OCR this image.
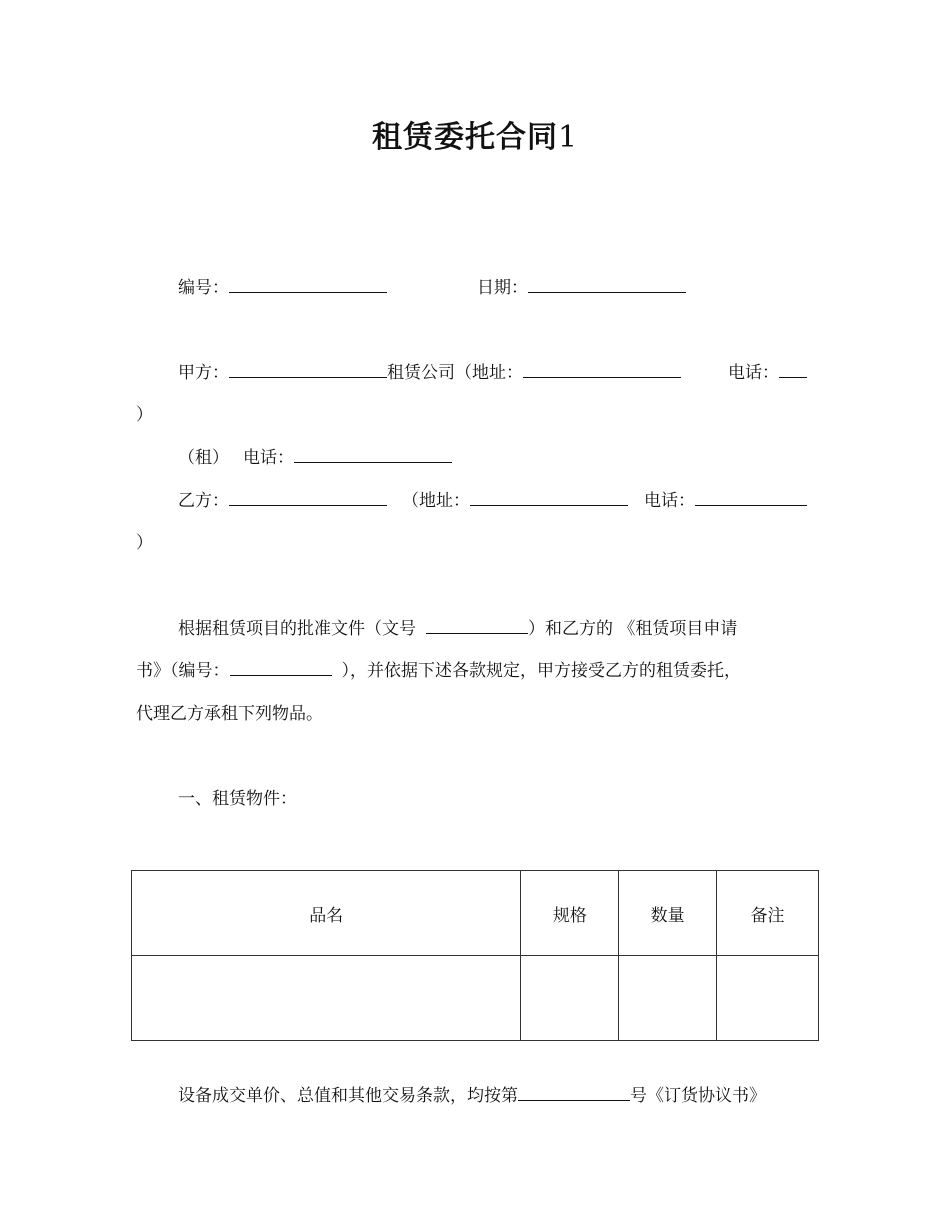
租赁委托合同1
编号：	日期：
甲方：	租赁公司（地址：	电话：
）
（租） 电话：
乙方：	（地址：	电话：
）
根据租赁项目的批准文件（文号	）和乙方的 《租赁项目申请
书》（编号：	），并依据下述各款规定，甲方接受乙方的租赁委托，
代理乙方承租下列物品。
一、租赁物件：
品名	规格	数量	备注

设备成交单价、总值和其他交易条款，均按第	号《订货协议书》
